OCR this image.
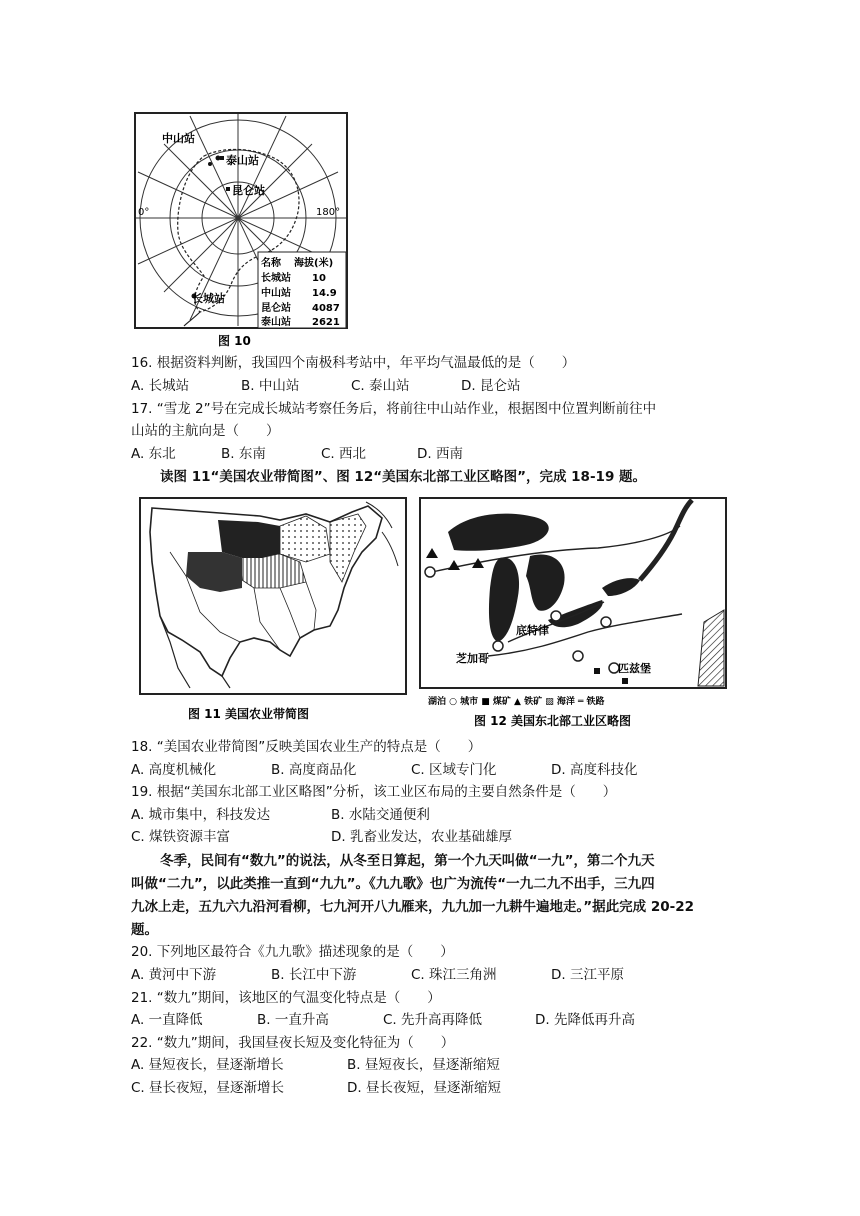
中山站
泰山站
昆仑站
长城站
0°	180°
名称 海拔(米)
长城站 10
中山站 14.9
昆仑站 4087
泰山站 2621
图 10
16. 根据资料判断，我国四个南极科考站中，年平均气温最低的是（　　）
A. 长城站	B. 中山站	C. 泰山站	D. 昆仑站
17. “雪龙 2”号在完成长城站考察任务后，将前往中山站作业，根据图中位置判断前往中
山站的主航向是（　　）
A. 东北	B. 东南	C. 西北	D. 西南
读图 11“美国农业带简图”、图 12“美国东北部工业区略图”，完成 18-19 题。
图 11 美国农业带简图
芝加哥
底特律
匹兹堡
湖泊 ○ 城市 ■ 煤矿 ▲ 铁矿 ▨ 海洋 ═ 铁路
图 12 美国东北部工业区略图
18. “美国农业带简图”反映美国农业生产的特点是（　　）
A. 高度机械化	B. 高度商品化	C. 区域专门化	D. 高度科技化
19. 根据“美国东北部工业区略图”分析，该工业区布局的主要自然条件是（　　）
A. 城市集中，科技发达	B. 水陆交通便利
C. 煤铁资源丰富	D. 乳畜业发达，农业基础雄厚
冬季，民间有“数九”的说法，从冬至日算起，第一个九天叫做“一九”，第二个九天
叫做“二九”，以此类推一直到“九九”。《九九歌》也广为流传“一九二九不出手，三九四
九冰上走，五九六九沿河看柳，七九河开八九雁来，九九加一九耕牛遍地走。”据此完成 20-22
题。
20. 下列地区最符合《九九歌》描述现象的是（　　）
A. 黄河中下游	B. 长江中下游	C. 珠江三角洲	D. 三江平原
21. “数九”期间，该地区的气温变化特点是（　　）
A. 一直降低	B. 一直升高	C. 先升高再降低	D. 先降低再升高
22. “数九”期间，我国昼夜长短及变化特征为（　　）
A. 昼短夜长，昼逐渐增长	B. 昼短夜长，昼逐渐缩短
C. 昼长夜短，昼逐渐增长	D. 昼长夜短，昼逐渐缩短
